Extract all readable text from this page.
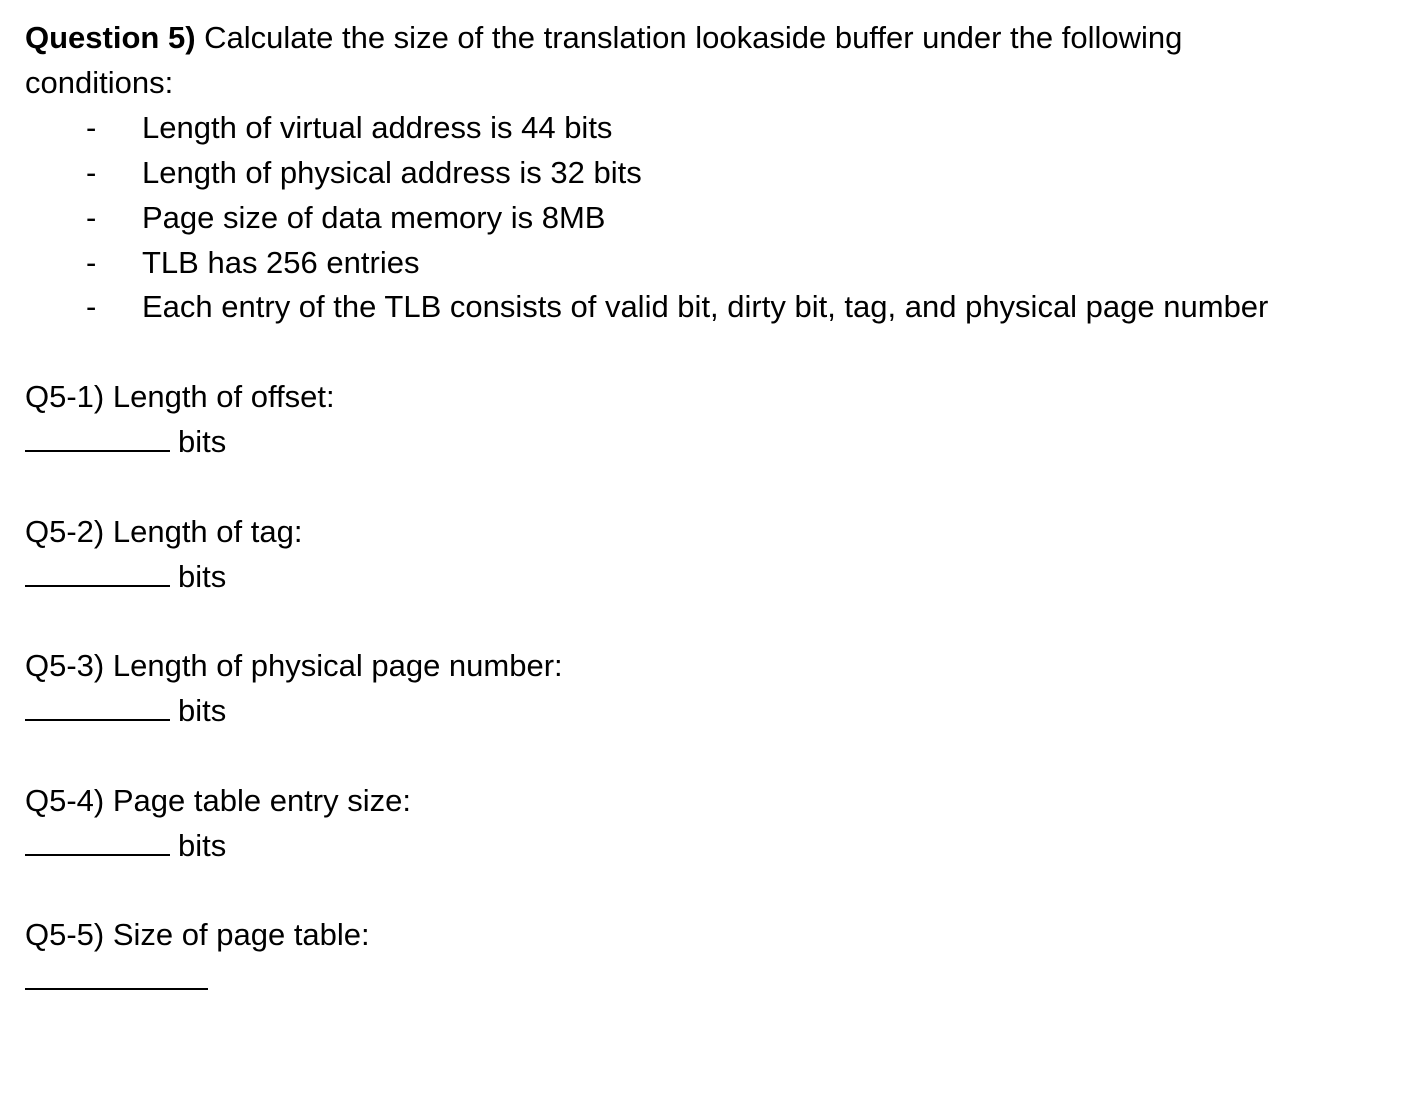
Question 5) Calculate the size of the translation lookaside buffer under the following
conditions:
-	Length of virtual address is 44 bits
-	Length of physical address is 32 bits
-	Page size of data memory is 8MB
-	TLB has 256 entries
-	Each entry of the TLB consists of valid bit, dirty bit, tag, and physical page number
Q5-1) Length of offset:
bits
Q5-2) Length of tag:
bits
Q5-3) Length of physical page number:
bits
Q5-4) Page table entry size:
bits
Q5-5) Size of page table:
